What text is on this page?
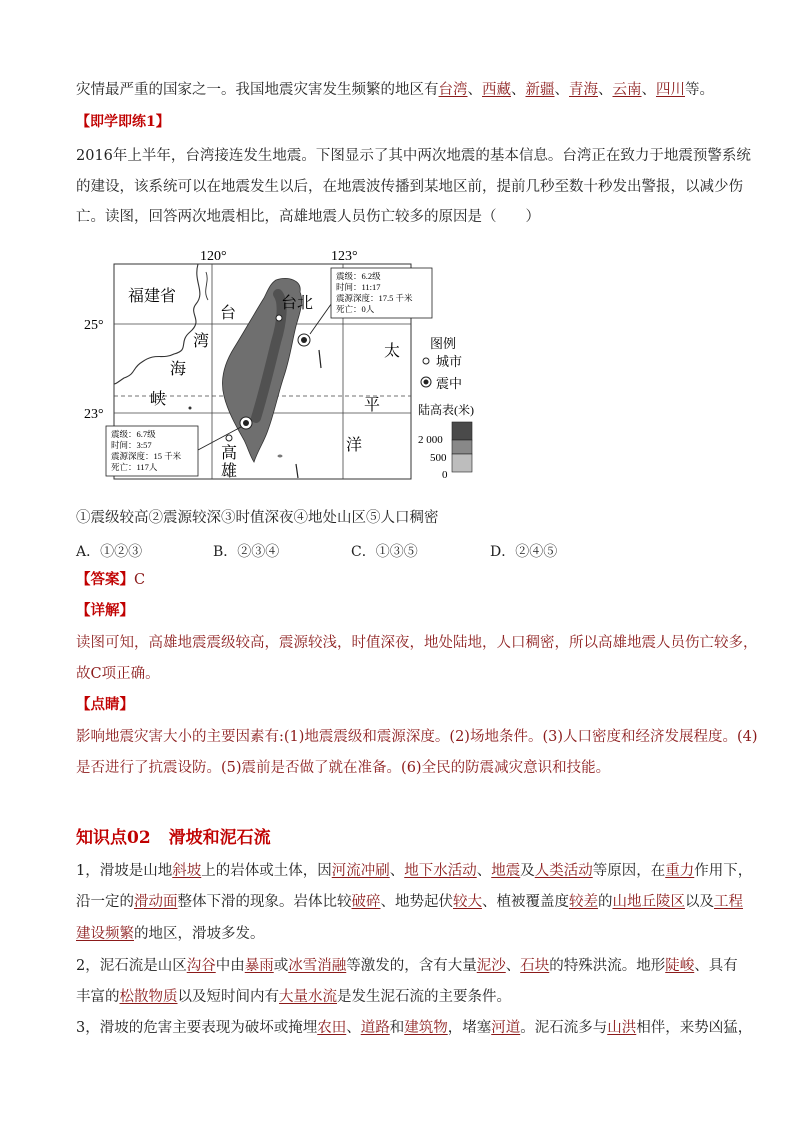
灾情最严重的国家之一。我国地震灾害发生频繁的地区有台湾、西藏、新疆、青海、云南、四川等。
【即学即练1】
2016年上半年，台湾接连发生地震。下图显示了其中两次地震的基本信息。台湾正在致力于地震预警系统
的建设，该系统可以在地震发生以后，在地震波传播到某地区前，提前几秒至数十秒发出警报，以减少伤
亡。读图，回答两次地震相比，高雄地震人员伤亡较多的原因是（　　）
120°	123°
25°
23°
震级：6.2级
时间：11:17
震源深度：17.5 千米
死亡：0人
震级：6.7级
时间：3:57
震源深度：15 千米
死亡：117人
福建省
台
湾
海
峡
台北
高
雄
太
平
洋
图例
城市
震中
陆高表(米)
2 000
500
0
①震级较高②震源较深③时值深夜④地处山区⑤人口稠密
A．①②③	B．②③④	C．①③⑤	D．②④⑤
【答案】C
【详解】
读图可知，高雄地震震级较高，震源较浅，时值深夜，地处陆地，人口稠密，所以高雄地震人员伤亡较多，
故C项正确。
【点睛】
影响地震灾害大小的主要因素有:(1)地震震级和震源深度。(2)场地条件。(3)人口密度和经济发展程度。(4)
是否进行了抗震设防。(5)震前是否做了就在准备。(6)全民的防震减灾意识和技能。
知识点02 滑坡和泥石流
1，滑坡是山地斜坡上的岩体或土体，因河流冲刷、地下水活动、地震及人类活动等原因，在重力作用下，
沿一定的滑动面整体下滑的现象。岩体比较破碎、地势起伏较大、植被覆盖度较差的山地丘陵区以及工程
建设频繁的地区，滑坡多发。
2，泥石流是山区沟谷中由暴雨或冰雪消融等激发的，含有大量泥沙、石块的特殊洪流。地形陡峻、具有
丰富的松散物质以及短时间内有大量水流是发生泥石流的主要条件。
3，滑坡的危害主要表现为破坏或掩埋农田、道路和建筑物，堵塞河道。泥石流多与山洪相伴，来势凶猛，
